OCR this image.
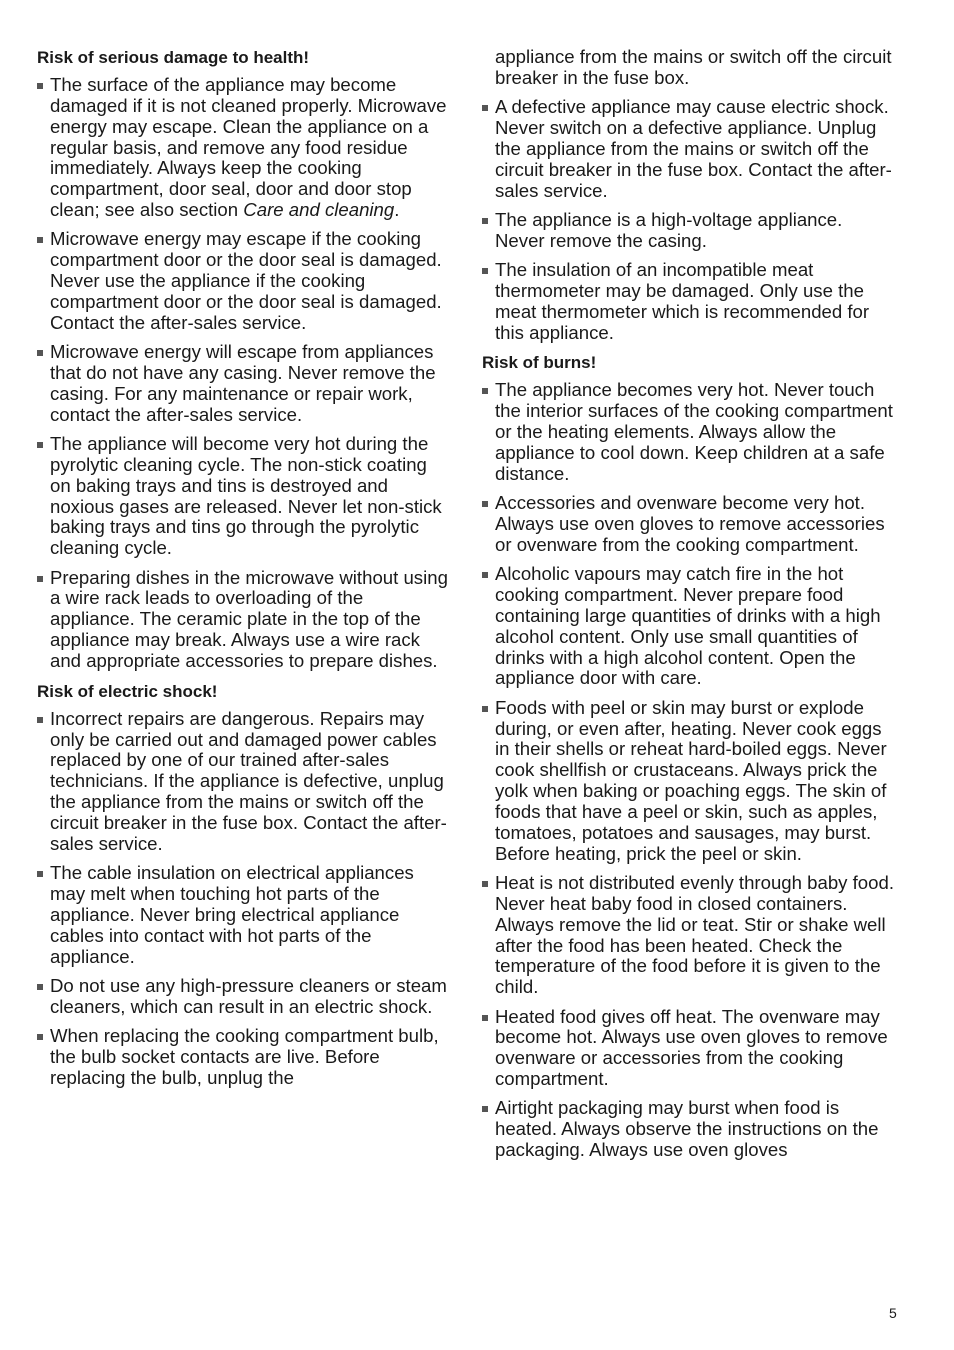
Risk of serious damage to health!
The surface of the appliance may become damaged if it is not cleaned properly. Microwave energy may escape. Clean the appliance on a regular basis, and remove any food residue immediately. Always keep the cooking compartment, door seal, door and door stop clean; see also section Care and cleaning.
Microwave energy may escape if the cooking compartment door or the door seal is damaged. Never use the appliance if the cooking compartment door or the door seal is damaged. Contact the after-sales service.
Microwave energy will escape from appliances that do not have any casing. Never remove the casing. For any maintenance or repair work, contact the after-sales service.
The appliance will become very hot during the pyrolytic cleaning cycle. The non-stick coating on baking trays and tins is destroyed and noxious gases are released. Never let non-stick baking trays and tins go through the pyrolytic cleaning cycle.
Preparing dishes in the microwave without using a wire rack leads to overloading of the appliance. The ceramic plate in the top of the appliance may break. Always use a wire rack and appropriate accessories to prepare dishes.
Risk of electric shock!
Incorrect repairs are dangerous. Repairs may only be carried out and damaged power cables replaced by one of our trained after-sales technicians. If the appliance is defective, unplug the appliance from the mains or switch off the circuit breaker in the fuse box. Contact the after-sales service.
The cable insulation on electrical appliances may melt when touching hot parts of the appliance. Never bring electrical appliance cables into contact with hot parts of the appliance.
Do not use any high-pressure cleaners or steam cleaners, which can result in an electric shock.
When replacing the cooking compartment bulb, the bulb socket contacts are live. Before replacing the bulb, unplug the
appliance from the mains or switch off the circuit breaker in the fuse box.
A defective appliance may cause electric shock. Never switch on a defective appliance. Unplug the appliance from the mains or switch off the circuit breaker in the fuse box. Contact the after-sales service.
The appliance is a high-voltage appliance. Never remove the casing.
The insulation of an incompatible meat thermometer may be damaged. Only use the meat thermometer which is recommended for this appliance.
Risk of burns!
The appliance becomes very hot. Never touch the interior surfaces of the cooking compartment or the heating elements. Always allow the appliance to cool down. Keep children at a safe distance.
Accessories and ovenware become very hot. Always use oven gloves to remove accessories or ovenware from the cooking compartment.
Alcoholic vapours may catch fire in the hot cooking compartment. Never prepare food containing large quantities of drinks with a high alcohol content. Only use small quantities of drinks with a high alcohol content. Open the appliance door with care.
Foods with peel or skin may burst or explode during, or even after, heating. Never cook eggs in their shells or reheat hard-boiled eggs. Never cook shellfish or crustaceans. Always prick the yolk when baking or poaching eggs. The skin of foods that have a peel or skin, such as apples, tomatoes, potatoes and sausages, may burst. Before heating, prick the peel or skin.
Heat is not distributed evenly through baby food. Never heat baby food in closed containers. Always remove the lid or teat. Stir or shake well after the food has been heated. Check the temperature of the food before it is given to the child.
Heated food gives off heat. The ovenware may become hot. Always use oven gloves to remove ovenware or accessories from the cooking compartment.
Airtight packaging may burst when food is heated. Always observe the instructions on the packaging. Always use oven gloves
5
